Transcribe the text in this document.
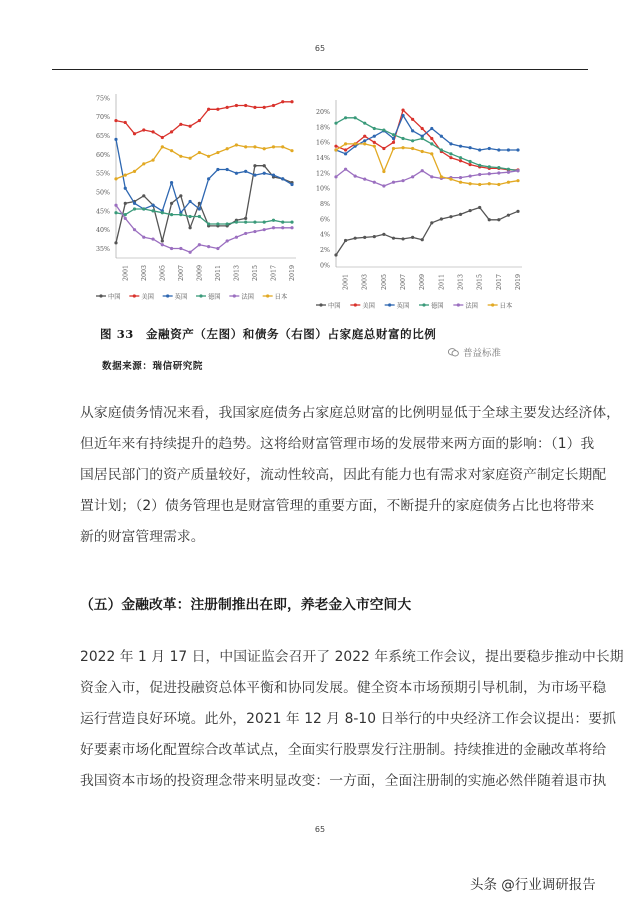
65
35%
40%
45%
50%
55%
60%
65%
70%
75%
2001 2003 2005 2007 2009 2011 2013 2015 2017 2019
中国	美国	英国	德国	法国	日本
0%
2%
4%
6%
8%
10%
12%
14%
16%
18%
20%
2001 2003 2005 2007 2009 2011 2013 2015 2017 2019
中国	美国	英国	德国	法国	日本
图 33　金融资产（左图）和债务（右图）占家庭总财富的比例
数据来源：瑞信研究院
普益标准
从家庭债务情况来看，我国家庭债务占家庭总财富的比例明显低于全球主要发达经济体，
但近年来有持续提升的趋势。这将给财富管理市场的发展带来两方面的影响：（1）我
国居民部门的资产质量较好，流动性较高，因此有能力也有需求对家庭资产制定长期配
置计划；（2）债务管理也是财富管理的重要方面，不断提升的家庭债务占比也将带来
新的财富管理需求。
（五）金融改革：注册制推出在即，养老金入市空间大
2022 年 1 月 17 日，中国证监会召开了 2022 年系统工作会议，提出要稳步推动中长期
资金入市，促进投融资总体平衡和协同发展。健全资本市场预期引导机制，为市场平稳
运行营造良好环境。此外，2021 年 12 月 8-10 日举行的中央经济工作会议提出：要抓
好要素市场化配置综合改革试点，全面实行股票发行注册制。持续推进的金融改革将给
我国资本市场的投资理念带来明显改变：一方面，全面注册制的实施必然伴随着退市执
65
头条 @行业调研报告
